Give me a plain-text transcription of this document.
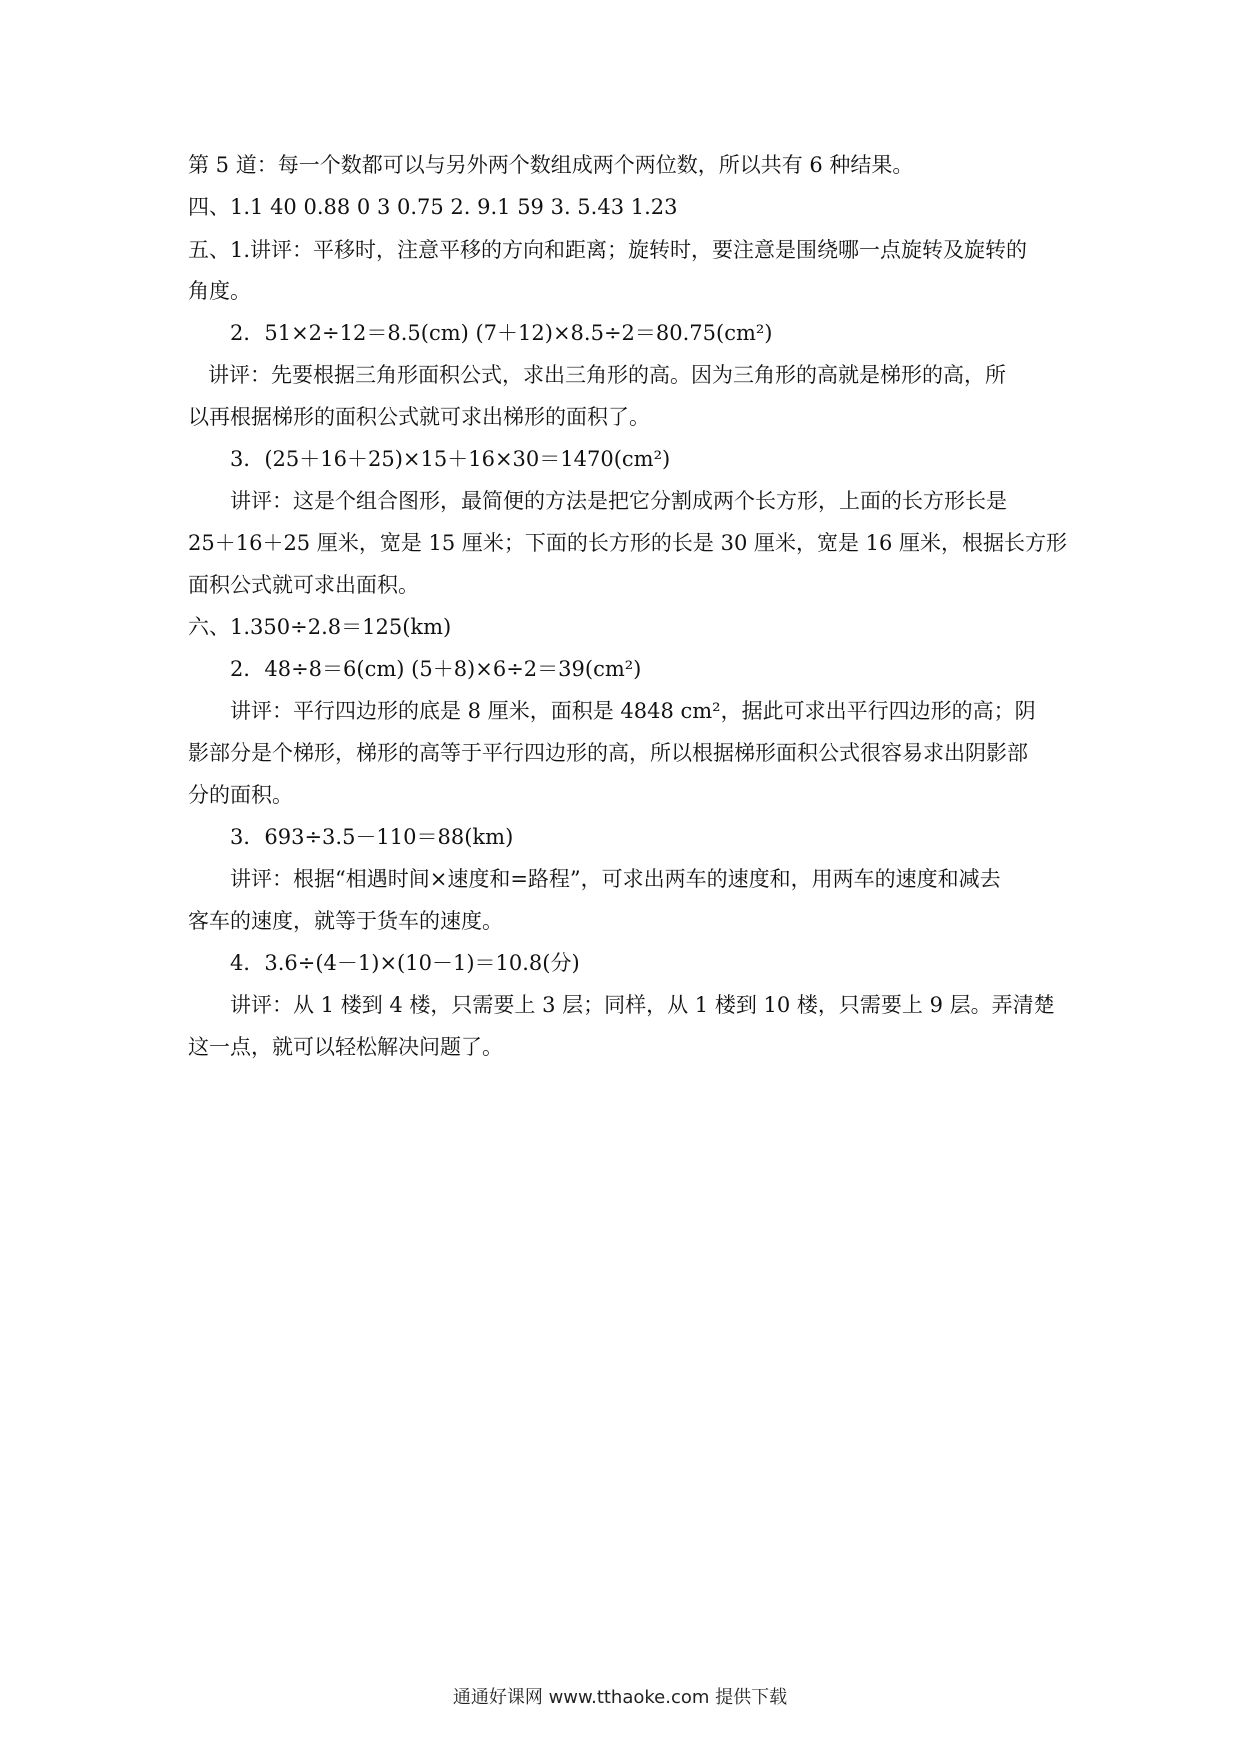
第 5 道：每一个数都可以与另外两个数组成两个两位数，所以共有 6 种结果。
四、1.1 40 0.88 0 3 0.75 2. 9.1 59 3. 5.43 1.23
五、1.讲评：平移时，注意平移的方向和距离；旋转时，要注意是围绕哪一点旋转及旋转的
角度。
2．51×2÷12＝8.5(cm) (7＋12)×8.5÷2＝80.75(cm²)
讲评：先要根据三角形面积公式，求出三角形的高。因为三角形的高就是梯形的高，所
以再根据梯形的面积公式就可求出梯形的面积了。
3．(25＋16＋25)×15＋16×30＝1470(cm²)
讲评：这是个组合图形，最简便的方法是把它分割成两个长方形，上面的长方形长是
25＋16＋25 厘米，宽是 15 厘米；下面的长方形的长是 30 厘米，宽是 16 厘米，根据长方形
面积公式就可求出面积。
六、1.350÷2.8＝125(km)
2．48÷8＝6(cm) (5＋8)×6÷2＝39(cm²)
讲评：平行四边形的底是 8 厘米，面积是 4848 cm²，据此可求出平行四边形的高；阴
影部分是个梯形，梯形的高等于平行四边形的高，所以根据梯形面积公式很容易求出阴影部
分的面积。
3．693÷3.5－110＝88(km)
讲评：根据“相遇时间×速度和=路程”，可求出两车的速度和，用两车的速度和减去
客车的速度，就等于货车的速度。
4．3.6÷(4－1)×(10－1)＝10.8(分)
讲评：从 1 楼到 4 楼，只需要上 3 层；同样，从 1 楼到 10 楼，只需要上 9 层。弄清楚
这一点，就可以轻松解决问题了。
通通好课网 www.tthaoke.com 提供下载
